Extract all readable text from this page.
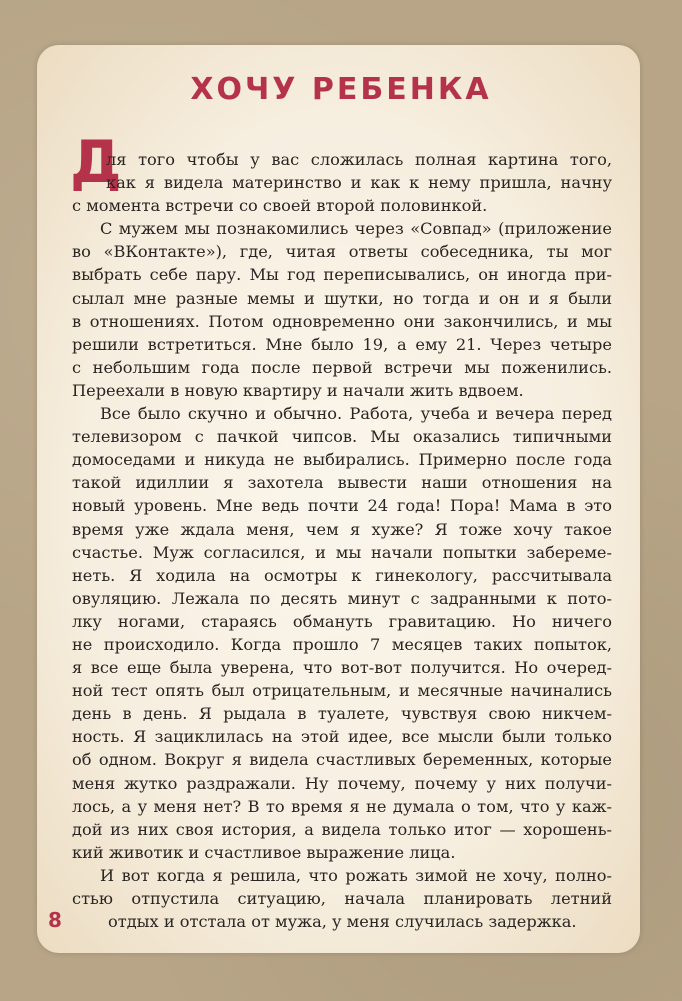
ХОЧУ РЕБЕНКА
Д
ля того чтобы у вас сложилась полная картина того,
как я видела материнство и как к нему пришла, начну
с момента встречи со своей второй половинкой.
С мужем мы познакомились через «Совпад» (приложение
во «ВКонтакте»), где, читая ответы собеседника, ты мог
выбрать себе пару. Мы год переписывались, он иногда при-
сылал мне разные мемы и шутки, но тогда и он и я были
в отношениях. Потом одновременно они закончились, и мы
решили встретиться. Мне было 19, а ему 21. Через четыре
с небольшим года после первой встречи мы поженились.
Переехали в новую квартиру и начали жить вдвоем.
Все было скучно и обычно. Работа, учеба и вечера перед
телевизором с пачкой чипсов. Мы оказались типичными
домоседами и никуда не выбирались. Примерно после года
такой идиллии я захотела вывести наши отношения на
новый уровень. Мне ведь почти 24 года! Пора! Мама в это
время уже ждала меня, чем я хуже? Я тоже хочу такое
счастье. Муж согласился, и мы начали попытки забереме-
неть. Я ходила на осмотры к гинекологу, рассчитывала
овуляцию. Лежала по десять минут с задранными к пото-
лку ногами, стараясь обмануть гравитацию. Но ничего
не происходило. Когда прошло 7 месяцев таких попыток,
я все еще была уверена, что вот-вот получится. Но очеред-
ной тест опять был отрицательным, и месячные начинались
день в день. Я рыдала в туалете, чувствуя свою никчем-
ность. Я зациклилась на этой идее, все мысли были только
об одном. Вокруг я видела счастливых беременных, которые
меня жутко раздражали. Ну почему, почему у них получи-
лось, а у меня нет? В то время я не думала о том, что у каж-
дой из них своя история, а видела только итог — хорошень-
кий животик и счастливое выражение лица.
И вот когда я решила, что рожать зимой не хочу, полно-
стью отпустила ситуацию, начала планировать летний
отдых и отстала от мужа, у меня случилась задержка.
8
